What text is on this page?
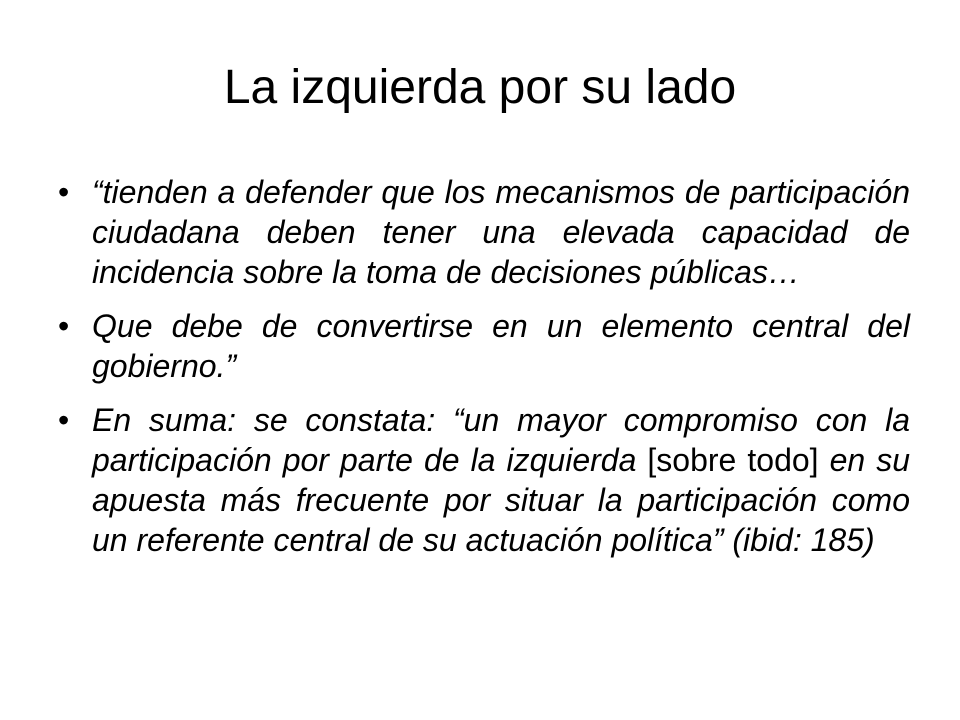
La izquierda por su lado
• “tienden a defender que los mecanismos de participación ciudadana deben tener una elevada capacidad de incidencia sobre la toma de decisiones públicas…
• Que debe de convertirse en un elemento central del gobierno.”
• En suma: se constata: “un mayor compromiso con la participación por parte de la izquierda [sobre todo] en su apuesta más frecuente por situar la participación como un referente central de su actuación política” (ibid: 185)
